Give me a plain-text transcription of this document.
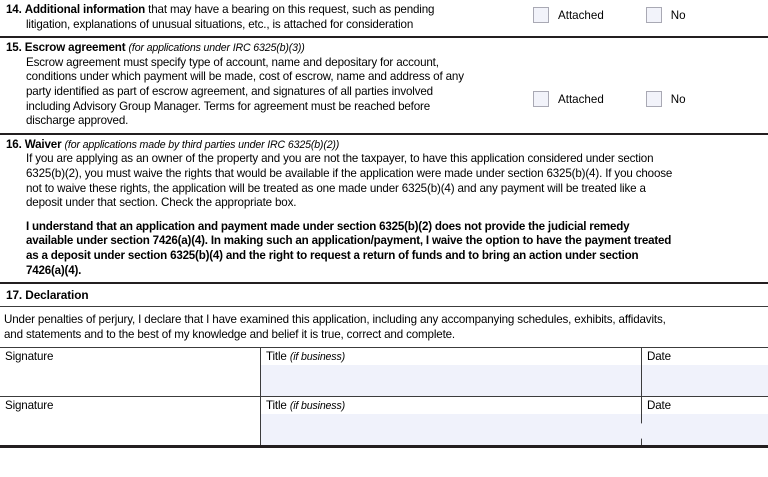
14. Additional information that may have a bearing on this request, such as pending
litigation, explanations of unusual situations, etc., is attached for consideration
Attached	No
15. Escrow agreement (for applications under IRC 6325(b)(3))
Escrow agreement must specify type of account, name and depositary for account,
conditions under which payment will be made, cost of escrow, name and address of any
party identified as part of escrow agreement, and signatures of all parties involved
including Advisory Group Manager. Terms for agreement must be reached before
discharge approved.
Attached	No
16. Waiver (for applications made by third parties under IRC 6325(b)(2))
If you are applying as an owner of the property and you are not the taxpayer, to have this application considered under section
6325(b)(2), you must waive the rights that would be available if the application were made under section 6325(b)(4). If you choose
not to waive these rights, the application will be treated as one made under 6325(b)(4) and any payment will be treated like a
deposit under that section. Check the appropriate box.
I understand that an application and payment made under section 6325(b)(2) does not provide the judicial remedy
available under section 7426(a)(4). In making such an application/payment, I waive the option to have the payment treated
as a deposit under section 6325(b)(4) and the right to request a return of funds and to bring an action under section
7426(a)(4).
17. Declaration
Under penalties of perjury, I declare that I have examined this application, including any accompanying schedules, exhibits, affidavits,
and statements and to the best of my knowledge and belief it is true, correct and complete.
Signature	Title (if business)	Date

Signature	Title (if business)	Date
